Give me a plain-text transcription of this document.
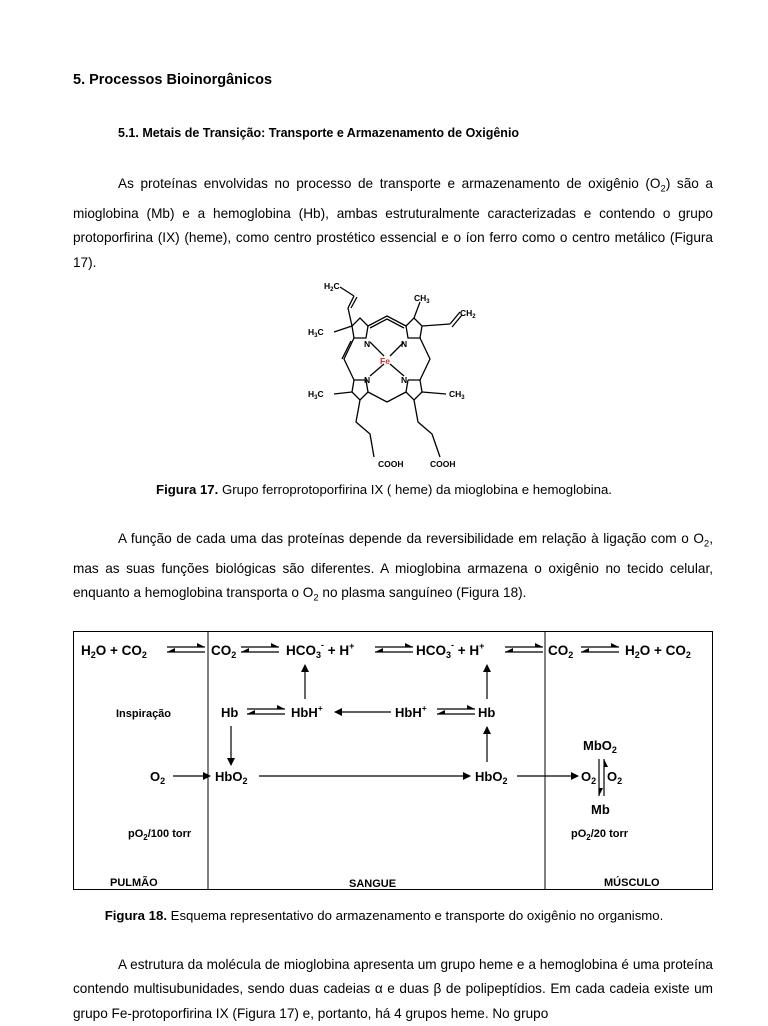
5. Processos Bioinorgânicos
5.1. Metais de Transição: Transporte e Armazenamento de Oxigênio

As proteínas envolvidas no processo de transporte e armazenamento de oxigênio $(O_2)$ são a mioglobina (Mb) e a hemoglobina (Hb), ambas estruturalmente caracterizadas e contendo o grupo protoporfirina (IX) (heme), como centro prostético essencial e o íon ferro como o centro metálico (Figura 17).

$H_2C$
$CH_3$
$CH_2$
$H_3C$
$H_3C$	$CH_3$
N	N
N	N
Fe
COOH	COOH

Figura 17. Grupo ferroprotoporfirina IX ( heme) da mioglobina e hemoglobina.

A função de cada uma das proteínas depende da reversibilidade em relação à ligação com o $O_2$, mas as suas funções biológicas são diferentes. A mioglobina armazena o oxigênio no tecido celular, enquanto a hemoglobina transporta o $O_2$ no plasma sanguíneo (Figura 18).

$H_2O + CO_2$	$CO_2$	$HCO_3^- + H^+$	$HCO_3^- + H^+$	$CO_2$	$H_2O + CO_2$
Inspiração	Hb	HbH+	HbH+	Hb
MbO$_2$
$O_2$	HbO$_2$	HbO$_2$	$O_2$ $O_2$
Mb
$pO_2/100$ torr	$pO_2/20$ torr
PULMÃO	SANGUE	MÚSCULO

Figura 18. Esquema representativo do armazenamento e transporte do oxigênio no organismo.

A estrutura da molécula de mioglobina apresenta um grupo heme e a hemoglobina é uma proteína contendo multisubunidades, sendo duas cadeias α e duas β de polipeptídios. Em cada cadeia existe um grupo Fe-protoporfirina IX (Figura 17) e, portanto, há 4 grupos heme. No grupo
